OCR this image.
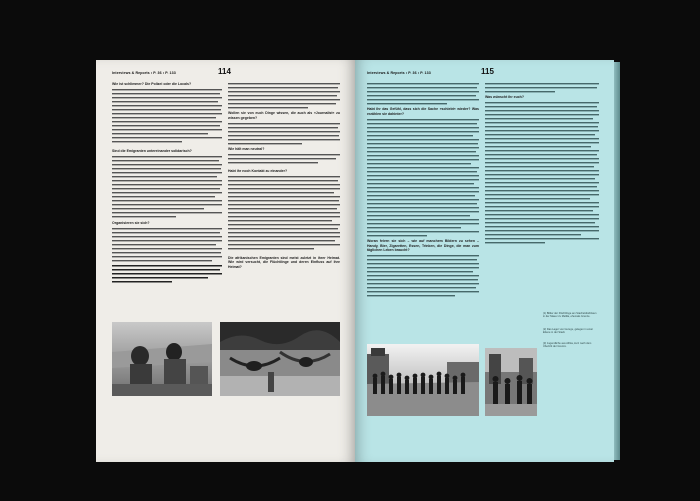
Interviews & Reports • P. 36 • P. 133	114

Wie ist schlimmer? Die Polizei oder die Locals?

Sind die Emigranten untereinander solidarisch?

Organisieren sie sich?

Wollen sie von euch Dinge wissen, die auch als »Journalist« zu wissen gegeben?

Wie hält man neutral?

Habt ihr noch Kontakt zu einander?

Die afrikanischen Emigranten sind meist zuletzt in ihrer Heimat. Wie wird versucht, die Flüchtlinge und deren Einfluss auf ihre Heimat?

Interviews & Reports • P. 36 • P. 133	115

Habt ihr das Gefühl, dass sich die Sache »schiebt« wieder? Was erzählen sie dahinter?

Woran feiern sie sich – wie auf manchem Bildern zu sehen – Handy, Bier, Zigaretten, Essen, Trinken, die Dinge, die man zum täglichen Leben braucht?

Was wünscht ihr euch?

(1) Bilder der Flüchtlinge am Stacheldrahtzaun in der Mauer zu Melilla, ehemals Grenze.
(2) Das Lager von Gurugu, gelegen in einer Ebene in der Stadt.
(3) Jugendliche aus Afrika, kurz nach dem Übertritt der Grenze.
